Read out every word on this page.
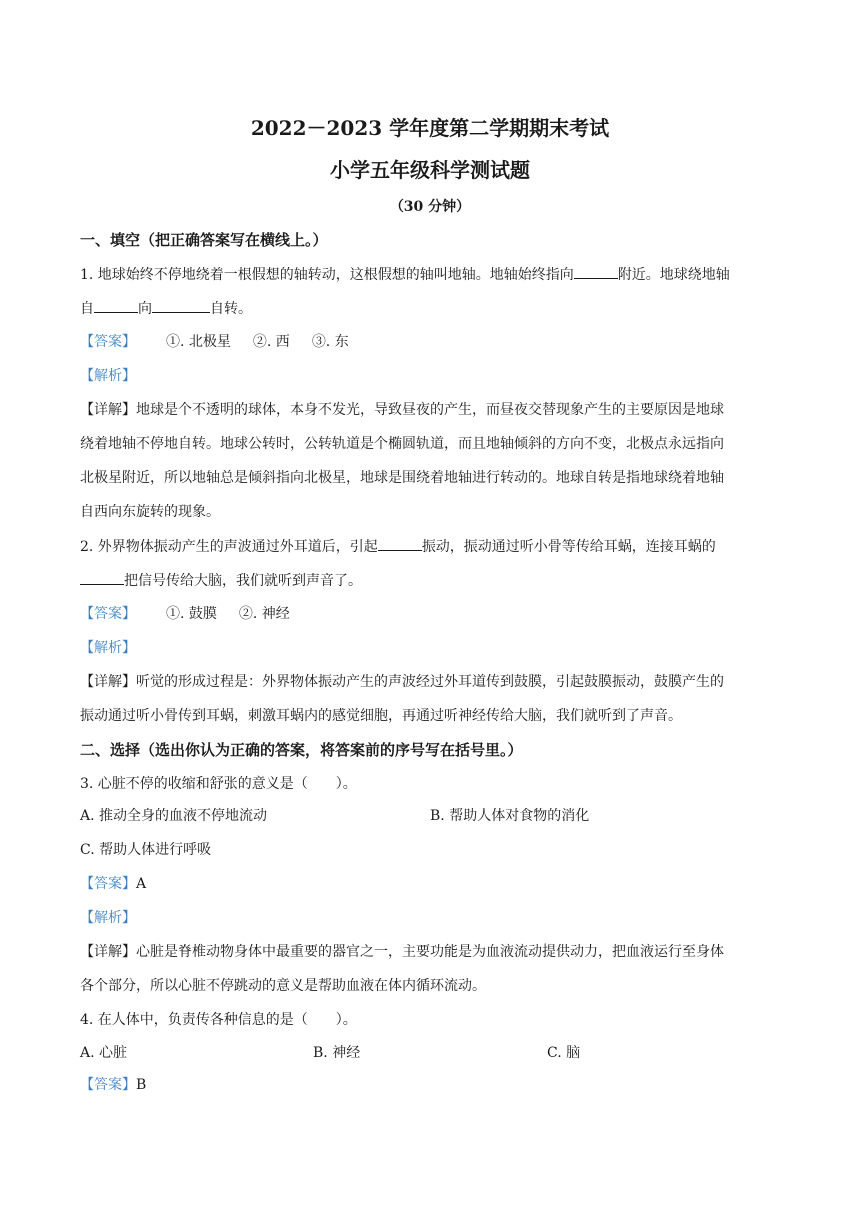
2022－2023 学年度第二学期期末考试
小学五年级科学测试题
（30 分钟）
一、填空（把正确答案写在横线上。）
1. 地球始终不停地绕着一根假想的轴转动，这根假想的轴叫地轴。地轴始终指向	附近。地球绕地轴
自	向	自转。
【答案】 ①. 北极星 ②. 西 ③. 东
【解析】
【详解】地球是个不透明的球体，本身不发光，导致昼夜的产生，而昼夜交替现象产生的主要原因是地球
绕着地轴不停地自转。地球公转时，公转轨道是个椭圆轨道，而且地轴倾斜的方向不变，北极点永远指向
北极星附近，所以地轴总是倾斜指向北极星，地球是围绕着地轴进行转动的。地球自转是指地球绕着地轴
自西向东旋转的现象。
2. 外界物体振动产生的声波通过外耳道后，引起	振动，振动通过听小骨等传给耳蜗，连接耳蜗的
把信号传给大脑，我们就听到声音了。
【答案】 ①. 鼓膜 ②. 神经
【解析】
【详解】听觉的形成过程是：外界物体振动产生的声波经过外耳道传到鼓膜，引起鼓膜振动，鼓膜产生的
振动通过听小骨传到耳蜗，刺激耳蜗内的感觉细胞，再通过听神经传给大脑，我们就听到了声音。
二、选择（选出你认为正确的答案，将答案前的序号写在括号里。）
3. 心脏不停的收缩和舒张的意义是（　　）。
A. 推动全身的血液不停地流动	B. 帮助人体对食物的消化
C. 帮助人体进行呼吸
【答案】A
【解析】
【详解】心脏是脊椎动物身体中最重要的器官之一，主要功能是为血液流动提供动力，把血液运行至身体
各个部分，所以心脏不停跳动的意义是帮助血液在体内循环流动。
4. 在人体中，负责传各种信息的是（　　）。
A. 心脏	B. 神经	C. 脑
【答案】B
